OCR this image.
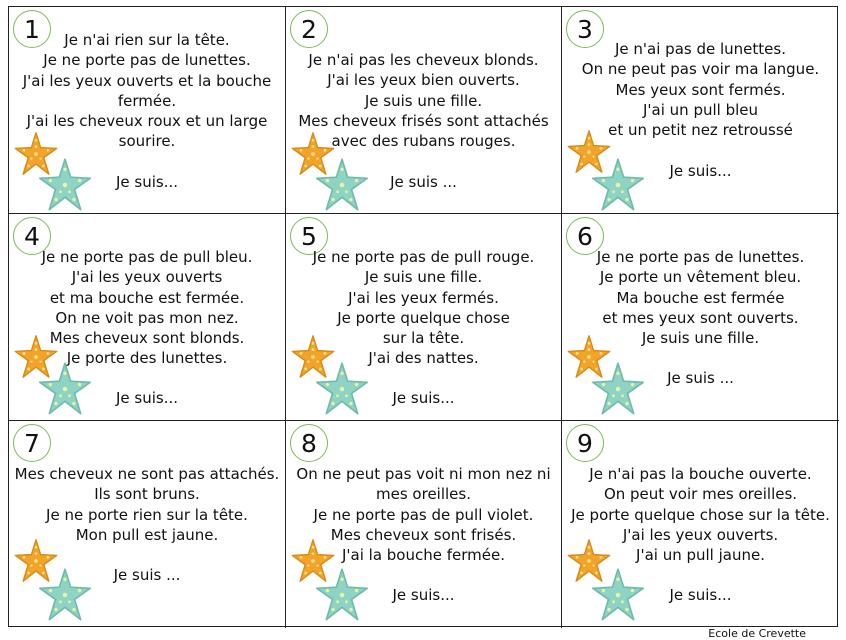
1	Je n'ai rien sur la tête.
Je ne porte pas de lunettes.
J'ai les yeux ouverts et la bouche
fermée.
J'ai les cheveux roux et un large
sourire.
Je suis...
2
Je n'ai pas les cheveux blonds.
J'ai les yeux bien ouverts.
Je suis une fille.
Mes cheveux frisés sont attachés
avec des rubans rouges.
Je suis ...
3
Je n'ai pas de lunettes.
On ne peut pas voir ma langue.
Mes yeux sont fermés.
J'ai un pull bleu
et un petit nez retroussé
Je suis...
4
Je ne porte pas de pull bleu.
J'ai les yeux ouverts
et ma bouche est fermée.
On ne voit pas mon nez.
Mes cheveux sont blonds.
Je porte des lunettes.
Je suis...
5
Je ne porte pas de pull rouge.
Je suis une fille.
J'ai les yeux fermés.
Je porte quelque chose
sur la tête.
J'ai des nattes.
Je suis...
6
Je ne porte pas de lunettes.
Je porte un vêtement bleu.
Ma bouche est fermée
et mes yeux sont ouverts.
Je suis une fille.
Je suis ...
7
Mes cheveux ne sont pas attachés.
Ils sont bruns.
Je ne porte rien sur la tête.
Mon pull est jaune.
Je suis ...
8
On ne peut pas voit ni mon nez ni
mes oreilles.
Je ne porte pas de pull violet.
Mes cheveux sont frisés.
J'ai la bouche fermée.
Je suis...
9
Je n'ai pas la bouche ouverte.
On peut voir mes oreilles.
Je porte quelque chose sur la tête.
J'ai les yeux ouverts.
J'ai un pull jaune.
Je suis...
Ecole de Crevette
